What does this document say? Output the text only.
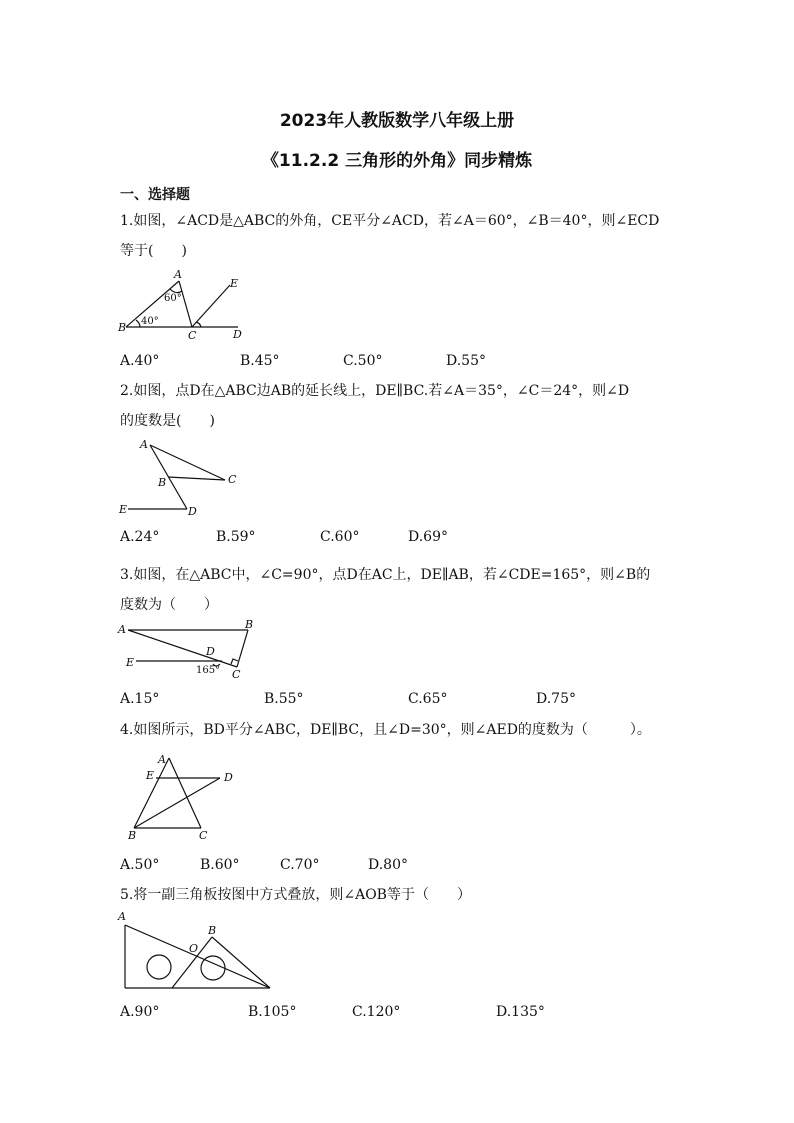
2023年人教版数学八年级上册
《11.2.2 三角形的外角》同步精炼
一、选择题
1.如图，∠ACD是△ABC的外角，CE平分∠ACD，若∠A＝60°，∠B＝40°，则∠ECD
等于(　　)
A
B
C	D
E
60°
40°
A.40°	B.45°	C.50°	D.55°
2.如图，点D在△ABC边AB的延长线上，DE∥BC.若∠A＝35°，∠C＝24°，则∠D
的度数是(　　)
A
B	C
D
E
A.24°	B.59°	C.60°	D.69°
3.如图，在△ABC中，∠C=90°，点D在AC上，DE∥AB，若∠CDE=165°，则∠B的
度数为（　　）
A	B
C
D
E
165°
A.15°	B.55°	C.65°	D.75°
4.如图所示，BD平分∠ABC，DE∥BC，且∠D=30°，则∠AED的度数为（　　　）。
A
B	C
D
E
A.50°	B.60°	C.70°	D.80°
5.将一副三角板按图中方式叠放，则∠AOB等于（　　）
A
B
O
A.90°	B.105°	C.120°	D.135°
